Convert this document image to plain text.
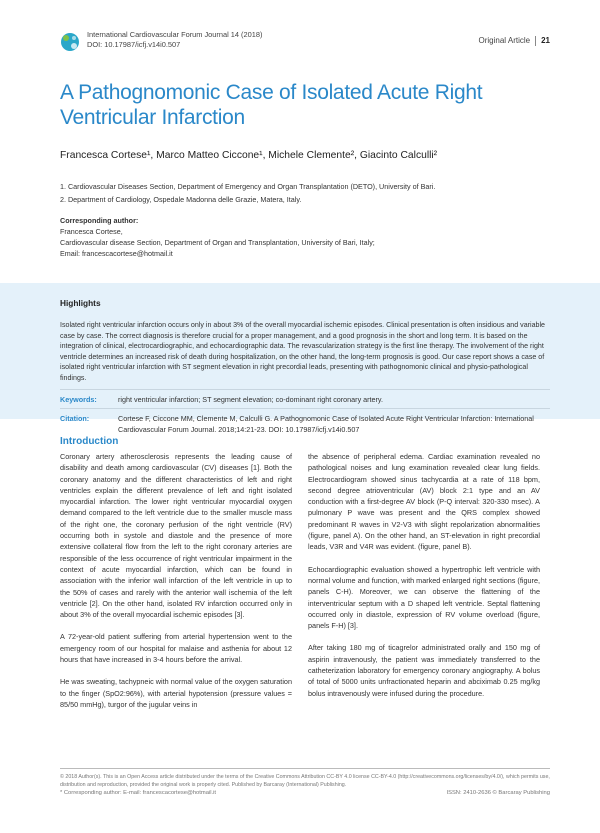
International Cardiovascular Forum Journal 14 (2018)
DOI: 10.17987/icfj.v14i0.507	Original Article 21
A Pathognomonic Case of Isolated Acute Right Ventricular Infarction
Francesca Cortese¹, Marco Matteo Ciccone¹, Michele Clemente², Giacinto Calculli²
1. Cardiovascular Diseases Section, Department of Emergency and Organ Transplantation (DETO), University of Bari.
2. Department of Cardiology, Ospedale Madonna delle Grazie, Matera, Italy.
Corresponding author:
Francesca Cortese,
Cardiovascular disease Section, Department of Organ and Transplantation, University of Bari, Italy;
Email: francescacortese@hotmail.it
Highlights
Isolated right ventricular infarction occurs only in about 3% of the overall myocardial ischemic episodes. Clinical presentation is often insidious and variable case by case. The correct diagnosis is therefore crucial for a proper management, and a good prognosis in the short and long term. It is based on the integration of clinical, electrocardiographic, and echocardiographic data. The revascularization strategy is the first line therapy. The involvement of the right ventricle determines an increased risk of death during hospitalization, on the other hand, the long-term prognosis is good. Our case report shows a case of isolated right ventricular infarction with ST segment elevation in right precordial leads, presenting with pathognomonic clinical and physio-pathological findings.
Keywords:	right ventricular infarction; ST segment elevation; co-dominant right coronary artery.
Citation:	Cortese F, Ciccone MM, Clemente M, Calculli G. A Pathognomonic Case of Isolated Acute Right Ventricular Infarction: International Cardiovascular Forum Journal. 2018;14:21-23. DOI: 10.17987/icfj.v14i0.507
Introduction

Coronary artery atherosclerosis represents the leading cause of disability and death among cardiovascular (CV) diseases [1]. Both the coronary anatomy and the different characteristics of left and right ventricles explain the different prevalence of left and right isolated myocardial infarction. The lower right ventricular myocardial oxygen demand compared to the left ventricle due to the smaller muscle mass of the right one, the coronary perfusion of the right ventricle (RV) occurring both in systole and diastole and the presence of more extensive collateral flow from the left to the right coronary arteries are responsible of the less occurrence of right ventricular impairment in the context of acute myocardial infarction, which can be found in association with the inferior wall infarction of the left ventricle in up to the 50% of cases and rarely with the anterior wall ischemia of the left ventricle [2]. On the other hand, isolated RV infarction occurred only in about 3% of the overall myocardial ischemic episodes [3].

A 72-year-old patient suffering from arterial hypertension went to the emergency room of our hospital for malaise and asthenia for about 12 hours that have increased in 3-4 hours before the arrival.

He was sweating, tachypneic with normal value of the oxygen saturation to the finger (SpO2:96%), with arterial hypotension (pressure values = 85/50 mmHg), turgor of the jugular veins in

the absence of peripheral edema. Cardiac examination revealed no pathological noises and lung examination revealed clear lung fields. Electrocardiogram showed sinus tachycardia at a rate of 118 bpm, second degree atrioventricular (AV) block 2:1 type and an AV conduction with a first-degree AV block (P-Q interval: 320-330 msec). A pulmonary P wave was present and the QRS complex showed predominant R waves in V2-V3 with slight repolarization abnormalities (figure, panel A). On the other hand, an ST-elevation in right precordial leads, V3R and V4R was evident. (figure, panel B).

Echocardiographic evaluation showed a hypertrophic left ventricle with normal volume and function, with marked enlarged right sections (figure, panels C-H). Moreover, we can observe the flattening of the interventricular septum with a D shaped left ventricle. Septal flattening occurred only in diastole, expression of RV volume overload (figure, panels F-H) [3].

After taking 180 mg of ticagrelor administrated orally and 150 mg of aspirin intravenously, the patient was immediately transferred to the catheterization laboratory for emergency coronary angiography. A bolus of total of 5000 units unfractionated heparin and abciximab 0.25 mg/kg bolus intravenously were infused during the procedure.

© 2018 Author(s). This is an Open Access article distributed under the terms of the Creative Commons Attribution CC-BY 4.0 license CC-BY-4.0 (http://creativecommons.org/licenses/by/4.0/), which permits use, distribution and reproduction, provided the original work is properly cited. Published by Barcaray (International) Publishing.
* Corresponding author: E-mail: francescacortese@hotmail.it	ISSN: 2410-2636 © Barcaray Publishing
